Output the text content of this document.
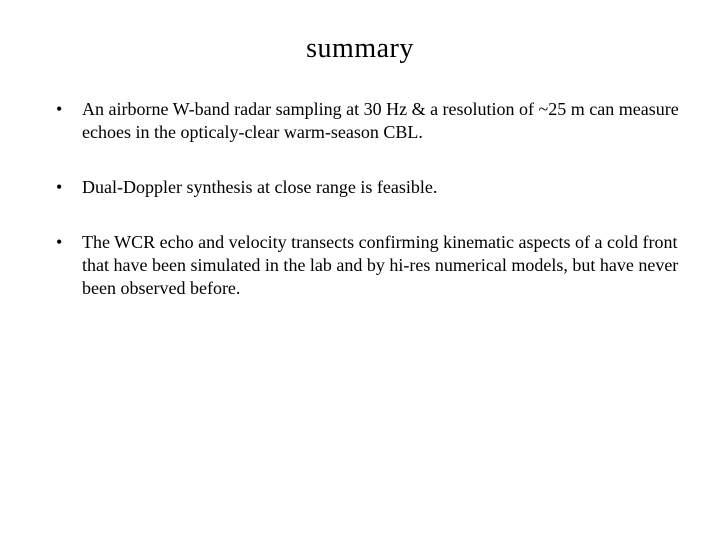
summary
• An airborne W-band radar sampling at 30 Hz & a resolution of ~25 m can measure echoes in the opticaly-clear warm-season CBL.
• Dual-Doppler synthesis at close range is feasible.
• The WCR echo and velocity transects confirming kinematic aspects of a cold front that have been simulated in the lab and by hi-res numerical models, but have never been observed before.
